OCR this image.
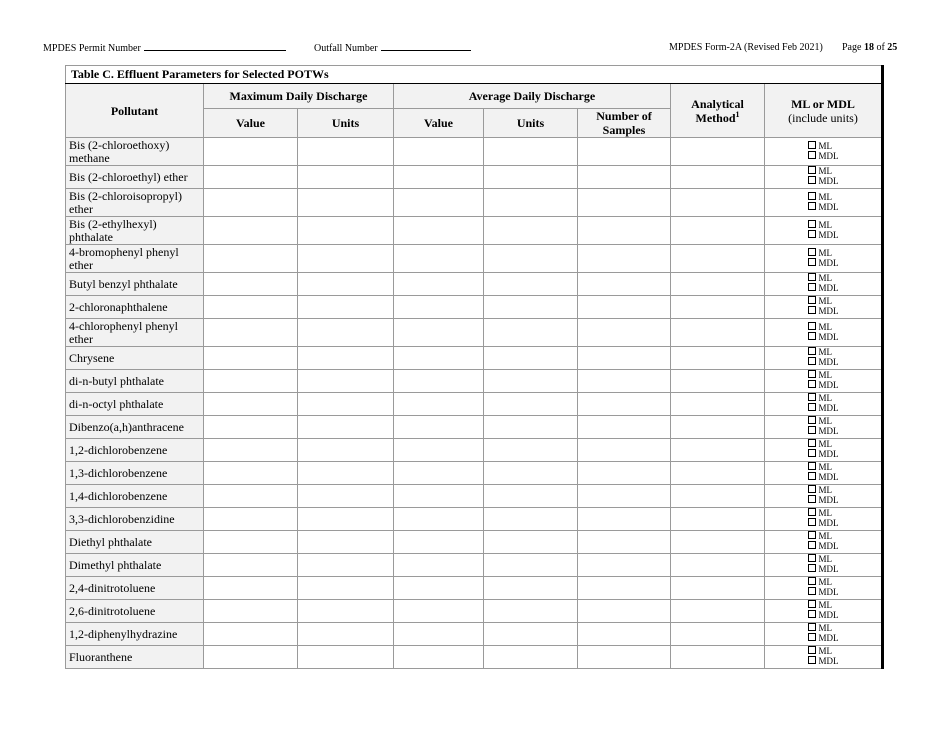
MPDES Permit Number	Outfall Number	MPDES Form-2A (Revised Feb 2021) Page 18 of 25
Table C. Effluent Parameters for Selected POTWs							
Pollutant	Maximum Daily Discharge		Average Daily Discharge			Analytical Method$^1$	ML or MDL
(include units)
	Value	Units	Value	Units	Number of Samples		
Bis (2-chloroethoxy) methane							ML
MDL

Bis (2-chloroethyl) ether							ML
MDL

Bis (2-chloroisopropyl) ether							ML
MDL

Bis (2-ethylhexyl) phthalate							ML
MDL

4-bromophenyl phenyl ether							ML
MDL

Butyl benzyl phthalate							ML
MDL

2-chloronaphthalene							ML
MDL

4-chlorophenyl phenyl ether							ML
MDL

Chrysene							ML
MDL

di-n-butyl phthalate							ML
MDL

di-n-octyl phthalate							ML
MDL

Dibenzo(a,h)anthracene							ML
MDL

1,2-dichlorobenzene							ML
MDL

1,3-dichlorobenzene							ML
MDL

1,4-dichlorobenzene							ML
MDL

3,3-dichlorobenzidine							ML
MDL

Diethyl phthalate							ML
MDL

Dimethyl phthalate							ML
MDL

2,4-dinitrotoluene							ML
MDL

2,6-dinitrotoluene							ML
MDL

1,2-diphenylhydrazine							ML
MDL

Fluoranthene							ML
MDL
